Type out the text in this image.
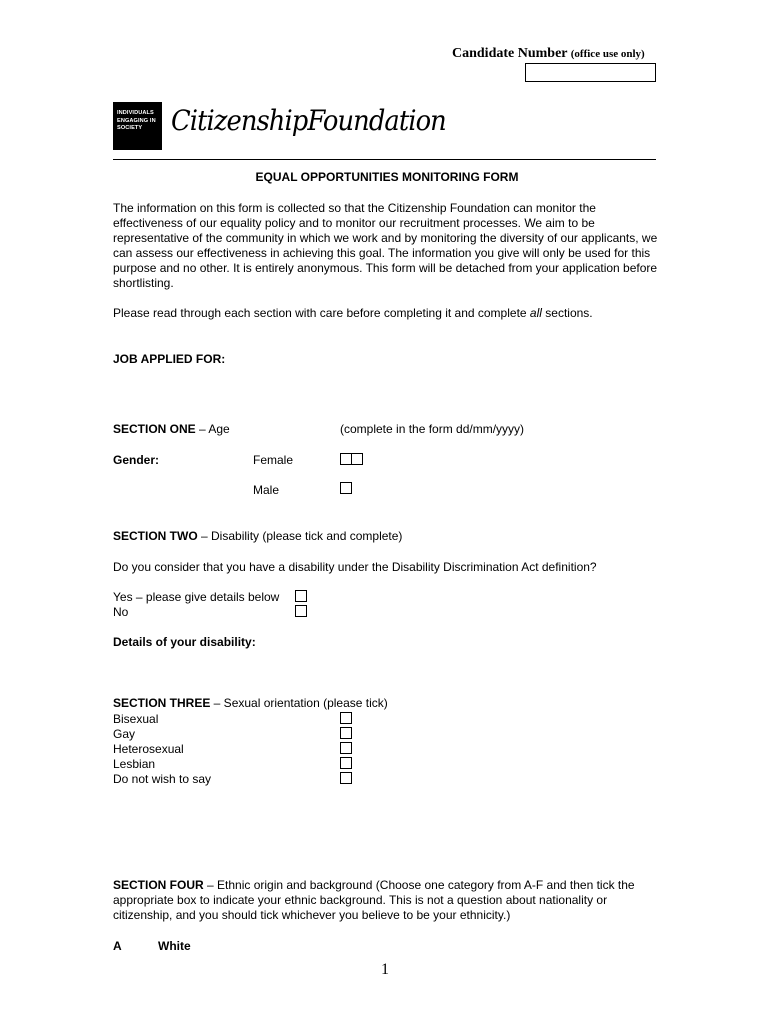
Candidate Number (office use only)
INDIVIDUALS
ENGAGING IN
SOCIETY	CitizenshipFoundation
EQUAL OPPORTUNITIES MONITORING FORM
The information on this form is collected so that the Citizenship Foundation can monitor the effectiveness of our equality policy and to monitor our recruitment processes. We aim to be representative of the community in which we work and by monitoring the diversity of our applicants, we can assess our effectiveness in achieving this goal. The information you give will only be used for this purpose and no other. It is entirely anonymous. This form will be detached from your application before shortlisting.
Please read through each section with care before completing it and complete all sections.
JOB APPLIED FOR:
SECTION ONE – Age	(complete in the form dd/mm/yyyy)
Gender:	Female
Male
SECTION TWO – Disability (please tick and complete)
Do you consider that you have a disability under the Disability Discrimination Act definition?
Yes – please give details below
No
Details of your disability:
SECTION THREE – Sexual orientation (please tick)
Bisexual
Gay
Heterosexual
Lesbian
Do not wish to say
SECTION FOUR – Ethnic origin and background (Choose one category from A-F and then tick the appropriate box to indicate your ethnic background. This is not a question about nationality or citizenship, and you should tick whichever you believe to be your ethnicity.)
A	White
1
